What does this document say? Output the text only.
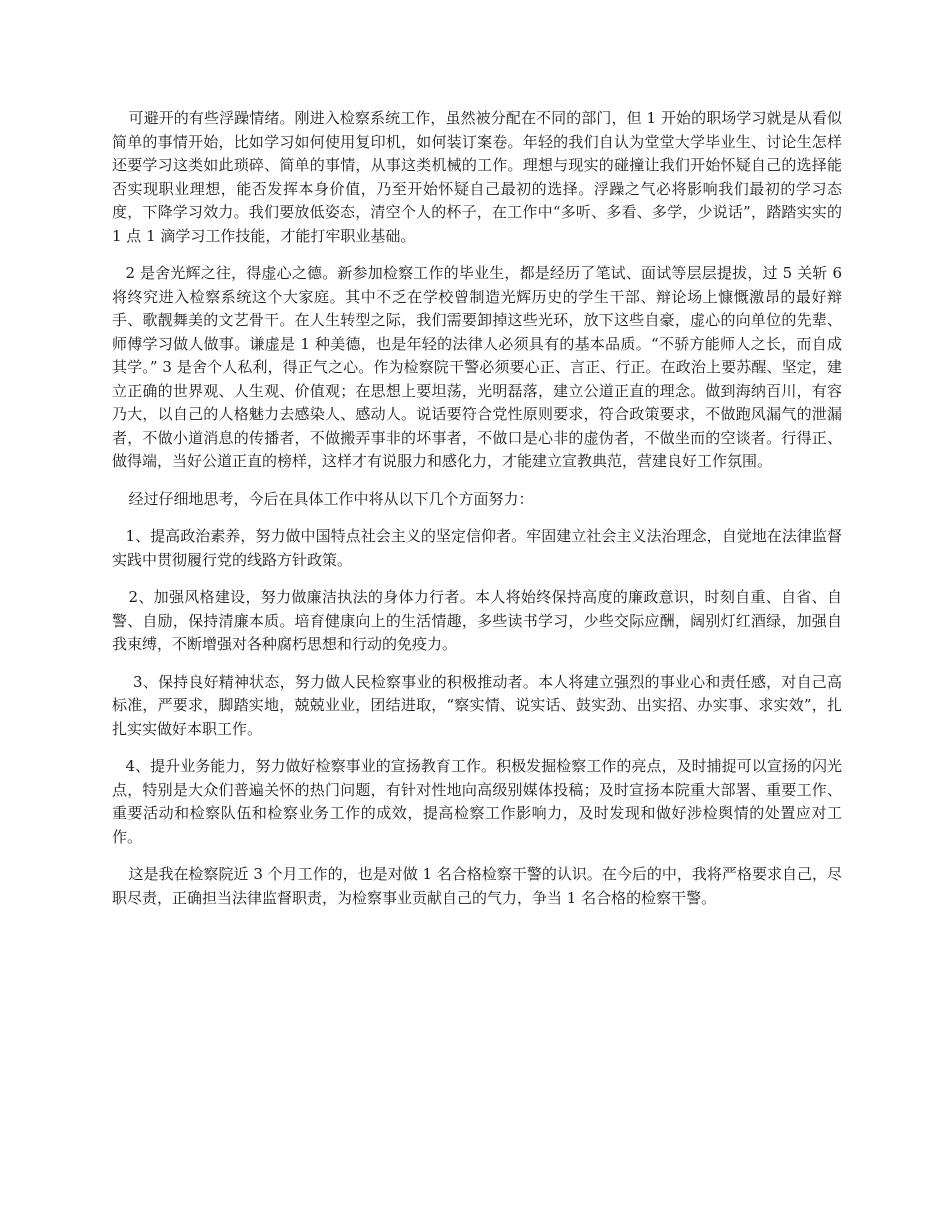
可避开的有些浮躁情绪。刚进入检察系统工作，虽然被分配在不同的部门，但 1 开始的职场学习就是从看似简单的事情开始，比如学习如何使用复印机，如何装订案卷。年轻的我们自认为堂堂大学毕业生、讨论生怎样还要学习这类如此琐碎、简单的事情，从事这类机械的工作。理想与现实的碰撞让我们开始怀疑自己的选择能否实现职业理想，能否发挥本身价值，乃至开始怀疑自己最初的选择。浮躁之气必将影响我们最初的学习态度，下降学习效力。我们要放低姿态，清空个人的杯子，在工作中“多听、多看、多学，少说话”，踏踏实实的 1 点 1 滴学习工作技能，才能打牢职业基础。

2 是舍光辉之往，得虚心之德。新参加检察工作的毕业生，都是经历了笔试、面试等层层提拔，过 5 关斩 6 将终究进入检察系统这个大家庭。其中不乏在学校曾制造光辉历史的学生干部、辩论场上慷慨激昂的最好辩手、歌靓舞美的文艺骨干。在人生转型之际，我们需要卸掉这些光环，放下这些自豪，虚心的向单位的先辈、师傅学习做人做事。谦虚是 1 种美德，也是年轻的法律人必须具有的基本品质。“不骄方能师人之长，而自成其学。” 3 是舍个人私利，得正气之心。作为检察院干警必须要心正、言正、行正。在政治上要苏醒、坚定，建立正确的世界观、人生观、价值观；在思想上要坦荡，光明磊落，建立公道正直的理念。做到海纳百川，有容乃大，以自己的人格魅力去感染人、感动人。说话要符合党性原则要求，符合政策要求，不做跑风漏气的泄漏者，不做小道消息的传播者，不做搬弄事非的坏事者，不做口是心非的虚伪者，不做坐而的空谈者。行得正、做得端，当好公道正直的榜样，这样才有说服力和感化力，才能建立宣教典范，营建良好工作氛围。

经过仔细地思考，今后在具体工作中将从以下几个方面努力：

1、提高政治素养，努力做中国特点社会主义的坚定信仰者。牢固建立社会主义法治理念，自觉地在法律监督实践中贯彻履行党的线路方针政策。

2、加强风格建设，努力做廉洁执法的身体力行者。本人将始终保持高度的廉政意识，时刻自重、自省、自警、自励，保持清廉本质。培育健康向上的生活情趣，多些读书学习，少些交际应酬，阔别灯红酒绿，加强自我束缚，不断增强对各种腐朽思想和行动的免疫力。

3、保持良好精神状态，努力做人民检察事业的积极推动者。本人将建立强烈的事业心和责任感，对自己高标准，严要求，脚踏实地，兢兢业业，团结进取，“察实情、说实话、鼓实劲、出实招、办实事、求实效”，扎扎实实做好本职工作。

4、提升业务能力，努力做好检察事业的宣扬教育工作。积极发掘检察工作的亮点，及时捕捉可以宣扬的闪光点，特别是大众们普遍关怀的热门问题，有针对性地向高级别媒体投稿；及时宣扬本院重大部署、重要工作、重要活动和检察队伍和检察业务工作的成效，提高检察工作影响力，及时发现和做好涉检舆情的处置应对工作。

这是我在检察院近 3 个月工作的，也是对做 1 名合格检察干警的认识。在今后的中，我将严格要求自己，尽职尽责，正确担当法律监督职责，为检察事业贡献自己的气力，争当 1 名合格的检察干警。
